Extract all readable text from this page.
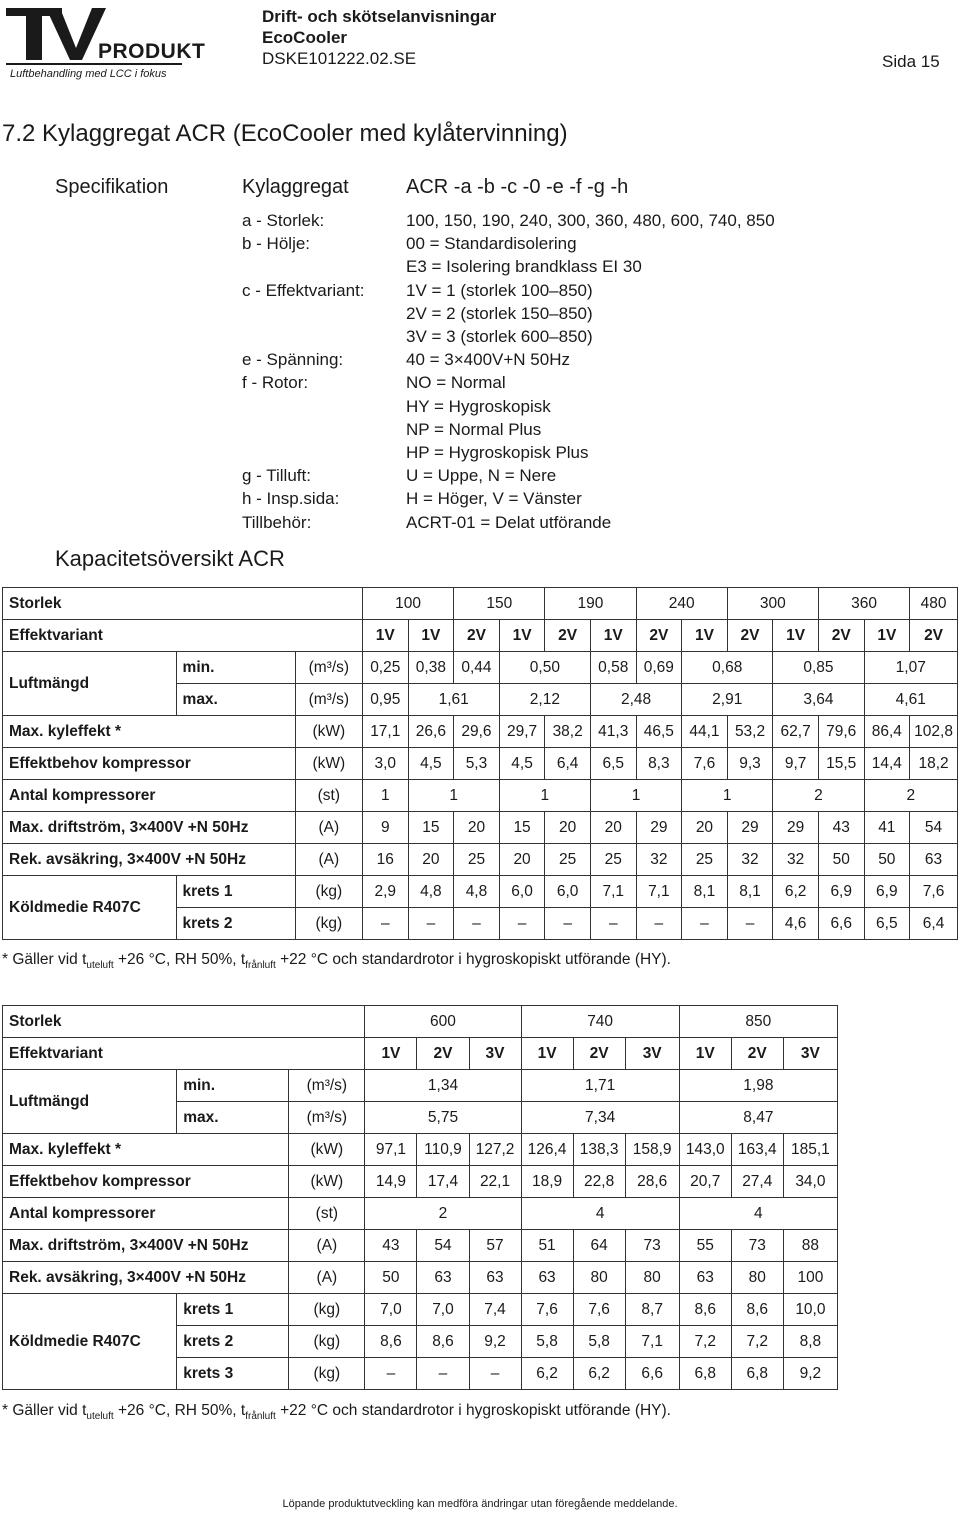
PRODUKT
Luftbehandling med LCC i fokus
Drift- och skötselanvisningar
EcoCooler
DSKE101222.02.SE	Sida 15
7.2 Kylaggregat ACR (EcoCooler med kylåtervinning)
Specifikation	Kylaggregat	ACR -a -b -c -0 -e -f -g -h
a - Storlek:	100, 150, 190, 240, 300, 360, 480, 600, 740, 850
b - Hölje:	00 = Standardisolering
E3 = Isolering brandklass EI 30
c - Effektvariant: 1V = 1 (storlek 100–850)
2V = 2 (storlek 150–850)
3V = 3 (storlek 600–850)
e - Spänning:	40 = 3×400V+N 50Hz
f - Rotor:	NO = Normal
HY = Hygroskopisk
NP = Normal Plus
HP = Hygroskopisk Plus
g - Tilluft:	U = Uppe, N = Nere
h - Insp.sida:	H = Höger, V = Vänster
Tillbehör:	ACRT-01 = Delat utförande
Kapacitetsöversikt ACR
Storlek			100		150		190		240		300		360		480
Effektvariant			1V	1V	2V	1V	2V	1V	2V	1V	2V	1V	2V	1V	2V
Luftmängd	min.	(m³/s)	0,25	0,38	0,44	0,50		0,58	0,69	0,68		0,85		1,07	
	max.	(m³/s)	0,95	1,61		2,12		2,48		2,91		3,64		4,61	
Max. kyleffekt *		(kW)	17,1	26,6	29,6	29,7	38,2	41,3	46,5	44,1	53,2	62,7	79,6	86,4	102,8
Effektbehov kompressor		(kW)	3,0	4,5	5,3	4,5	6,4	6,5	8,3	7,6	9,3	9,7	15,5	14,4	18,2
Antal kompressorer		(st)	1	1		1		1		1		2		2	
Max. driftström, 3×400V +N 50Hz		(A)	9	15	20	15	20	20	29	20	29	29	43	41	54
Rek. avsäkring, 3×400V +N 50Hz		(A)	16	20	25	20	25	25	32	25	32	32	50	50	63
Köldmedie R407C	krets 1	(kg)	2,9	4,8	4,8	6,0	6,0	7,1	7,1	8,1	8,1	6,2	6,9	6,9	7,6
	krets 2	(kg)	–	–	–	–	–	–	–	–	–	4,6	6,6	6,5	6,4
* Gäller vid $t_{uteluft} +26$ °C, RH 50%, $t_{frånluft} +22$ °C och standardrotor i hygroskopiskt utförande (HY).
Storlek			600			740			850		
Effektvariant			1V	2V	3V	1V	2V	3V	1V	2V	3V
Luftmängd	min.	(m³/s)	1,34			1,71			1,98		
	max.	(m³/s)	5,75			7,34			8,47		
Max. kyleffekt *		(kW)	97,1	110,9	127,2	126,4	138,3	158,9	143,0	163,4	185,1
Effektbehov kompressor		(kW)	14,9	17,4	22,1	18,9	22,8	28,6	20,7	27,4	34,0
Antal kompressorer		(st)	2			4			4		
Max. driftström, 3×400V +N 50Hz		(A)	43	54	57	51	64	73	55	73	88
Rek. avsäkring, 3×400V +N 50Hz		(A)	50	63	63	63	80	80	63	80	100
Köldmedie R407C	krets 1	(kg)	7,0	7,0	7,4	7,6	7,6	8,7	8,6	8,6	10,0
	krets 2	(kg)	8,6	8,6	9,2	5,8	5,8	7,1	7,2	7,2	8,8
	krets 3	(kg)	–	–	–	6,2	6,2	6,6	6,8	6,8	9,2
* Gäller vid $t_{uteluft} +26$ °C, RH 50%, $t_{frånluft} +22$ °C och standardrotor i hygroskopiskt utförande (HY).
Löpande produktutveckling kan medföra ändringar utan föregående meddelande.
